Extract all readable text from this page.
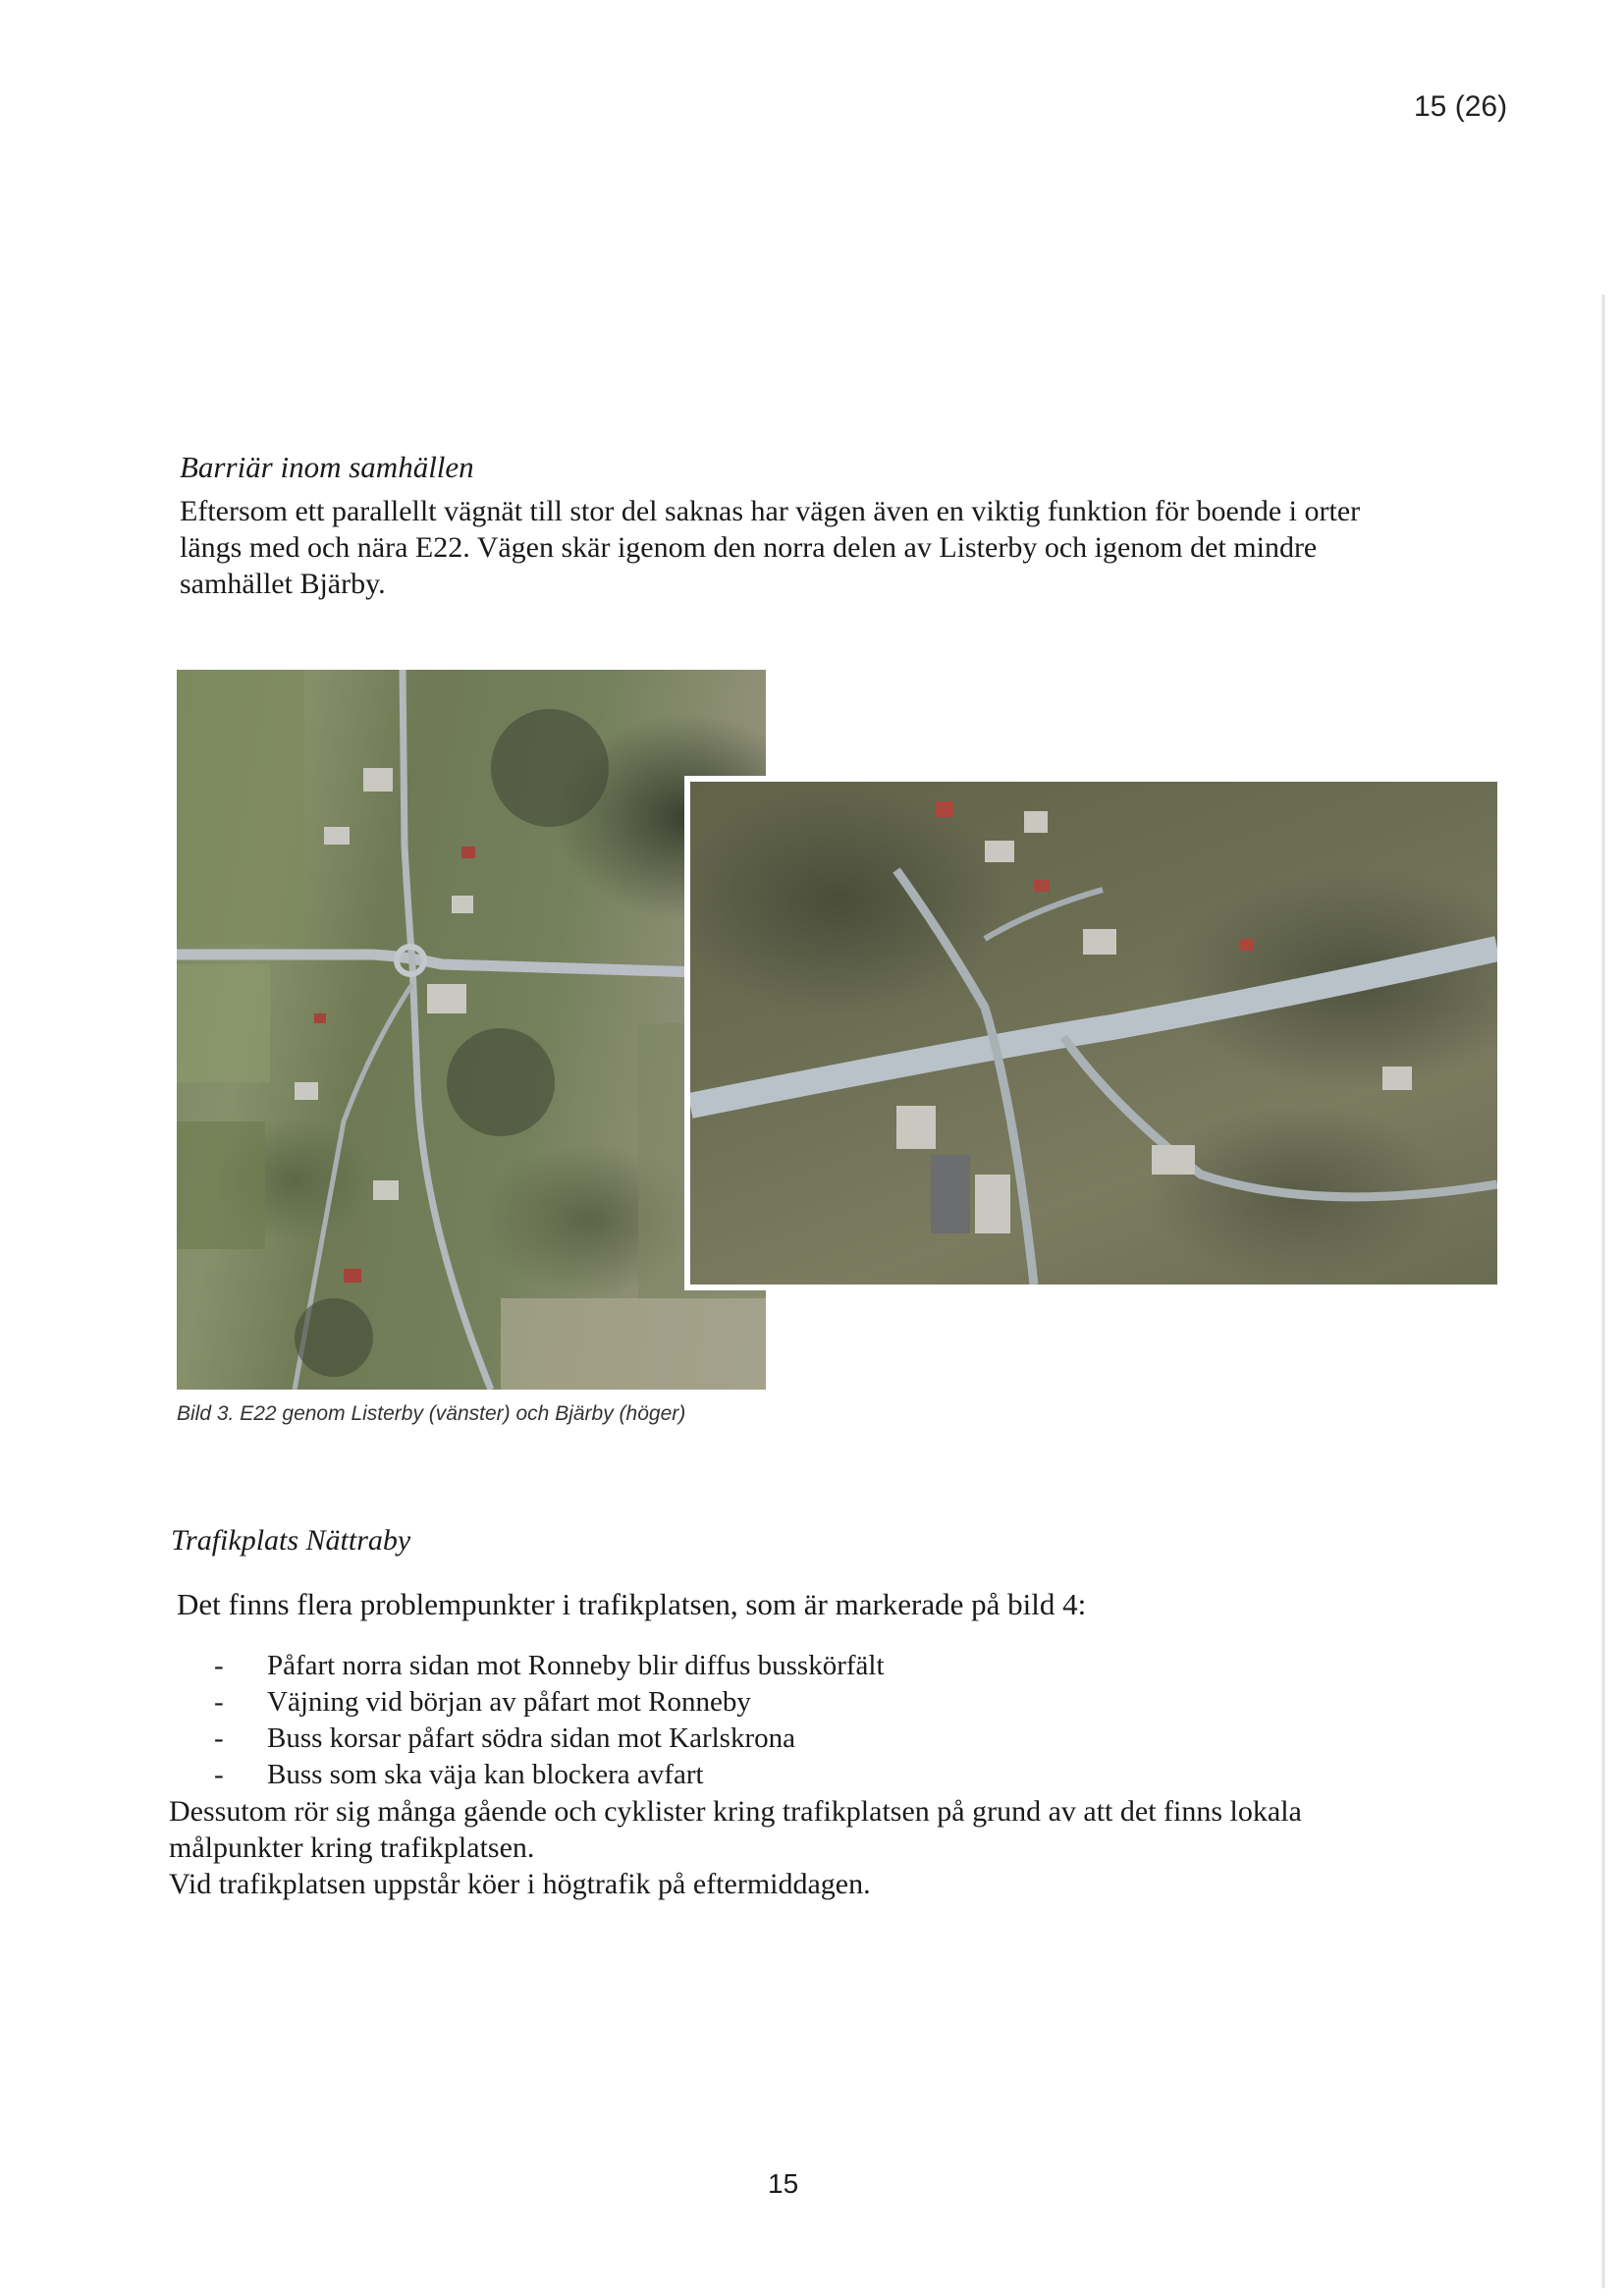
15 (26)
Barriär inom samhällen
Eftersom ett parallellt vägnät till stor del saknas har vägen även en viktig funktion för boende i orter längs med och nära E22. Vägen skär igenom den norra delen av Listerby och igenom det mindre samhället Bjärby.
Bild 3. E22 genom Listerby (vänster) och Bjärby (höger)
Trafikplats Nättraby
Det finns flera problempunkter i trafikplatsen, som är markerade på bild 4:
- Påfart norra sidan mot Ronneby blir diffus busskörfält
- Väjning vid början av påfart mot Ronneby
- Buss korsar påfart södra sidan mot Karlskrona
- Buss som ska väja kan blockera avfart

Dessutom rör sig många gående och cyklister kring trafikplatsen på grund av att det finns lokala målpunkter kring trafikplatsen.

Vid trafikplatsen uppstår köer i högtrafik på eftermiddagen.

15
